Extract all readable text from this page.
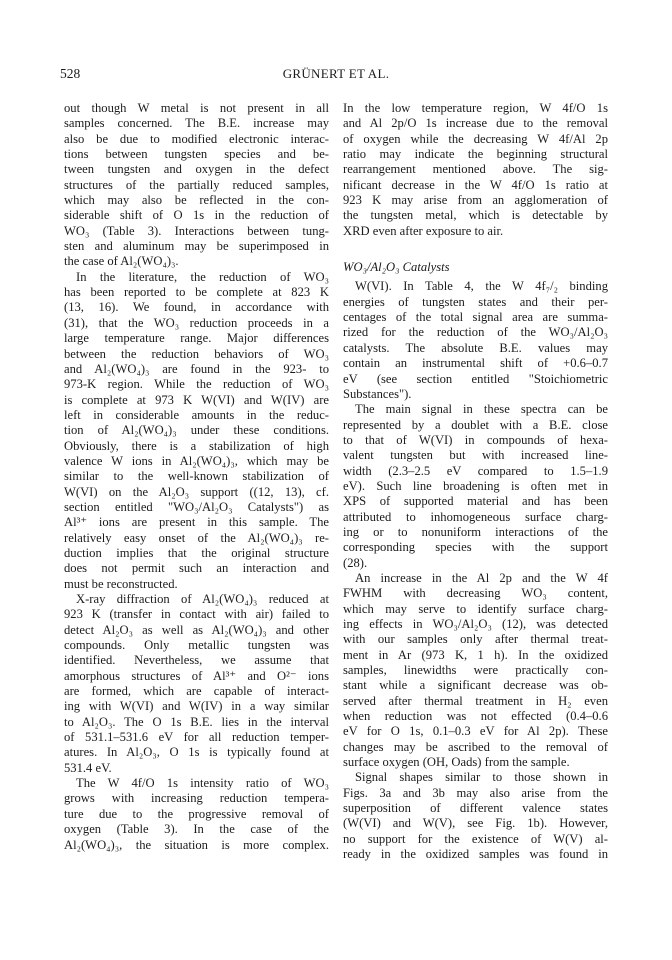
528	GRÜNERT ET AL.
out though W metal is not present in all
samples concerned. The B.E. increase may
also be due to modified electronic interac-
tions between tungsten species and be-
tween tungsten and oxygen in the defect
structures of the partially reduced samples,
which may also be reflected in the con-
siderable shift of O 1s in the reduction of
WO₃ (Table 3). Interactions between tung-
sten and aluminum may be superimposed in
the case of Al₂(WO₄)₃.
In the literature, the reduction of WO₃
has been reported to be complete at 823 K
(13, 16). We found, in accordance with
(31), that the WO₃ reduction proceeds in a
large temperature range. Major differences
between the reduction behaviors of WO₃
and Al₂(WO₄)₃ are found in the 923- to
973-K region. While the reduction of WO₃
is complete at 973 K W(VI) and W(IV) are
left in considerable amounts in the reduc-
tion of Al₂(WO₄)₃ under these conditions.
Obviously, there is a stabilization of high
valence W ions in Al₂(WO₄)₃, which may be
similar to the well-known stabilization of
W(VI) on the Al₂O₃ support ((12, 13), cf.
section entitled "WO₃/Al₂O₃ Catalysts") as
Al³⁺ ions are present in this sample. The
relatively easy onset of the Al₂(WO₄)₃ re-
duction implies that the original structure
does not permit such an interaction and
must be reconstructed.
X-ray diffraction of Al₂(WO₄)₃ reduced at
923 K (transfer in contact with air) failed to
detect Al₂O₃ as well as Al₂(WO₄)₃ and other
compounds. Only metallic tungsten was
identified. Nevertheless, we assume that
amorphous structures of Al³⁺ and O²⁻ ions
are formed, which are capable of interact-
ing with W(VI) and W(IV) in a way similar
to Al₂O₃. The O 1s B.E. lies in the interval
of 531.1–531.6 eV for all reduction temper-
atures. In Al₂O₃, O 1s is typically found at
531.4 eV.
The W 4f/O 1s intensity ratio of WO₃
grows with increasing reduction tempera-
ture due to the progressive removal of
oxygen (Table 3). In the case of the
Al₂(WO₄)₃, the situation is more complex.
In the low temperature region, W 4f/O 1s
and Al 2p/O 1s increase due to the removal
of oxygen while the decreasing W 4f/Al 2p
ratio may indicate the beginning structural
rearrangement mentioned above. The sig-
nificant decrease in the W 4f/O 1s ratio at
923 K may arise from an agglomeration of
the tungsten metal, which is detectable by
XRD even after exposure to air.
WO₃/Al₂O₃ Catalysts
W(VI). In Table 4, the W 4f₇/₂ binding
energies of tungsten states and their per-
centages of the total signal area are summa-
rized for the reduction of the WO₃/Al₂O₃
catalysts. The absolute B.E. values may
contain an instrumental shift of +0.6–0.7
eV (see section entitled "Stoichiometric
Substances").
The main signal in these spectra can be
represented by a doublet with a B.E. close
to that of W(VI) in compounds of hexa-
valent tungsten but with increased line-
width (2.3–2.5 eV compared to 1.5–1.9
eV). Such line broadening is often met in
XPS of supported material and has been
attributed to inhomogeneous surface charg-
ing or to nonuniform interactions of the
corresponding species with the support
(28).
An increase in the Al 2p and the W 4f
FWHM with decreasing WO₃ content,
which may serve to identify surface charg-
ing effects in WO₃/Al₂O₃ (12), was detected
with our samples only after thermal treat-
ment in Ar (973 K, 1 h). In the oxidized
samples, linewidths were practically con-
stant while a significant decrease was ob-
served after thermal treatment in H₂ even
when reduction was not effected (0.4–0.6
eV for O 1s, 0.1–0.3 eV for Al 2p). These
changes may be ascribed to the removal of
surface oxygen (OH, Oads) from the sample.
Signal shapes similar to those shown in
Figs. 3a and 3b may also arise from the
superposition of different valence states
(W(VI) and W(V), see Fig. 1b). However,
no support for the existence of W(V) al-
ready in the oxidized samples was found in
